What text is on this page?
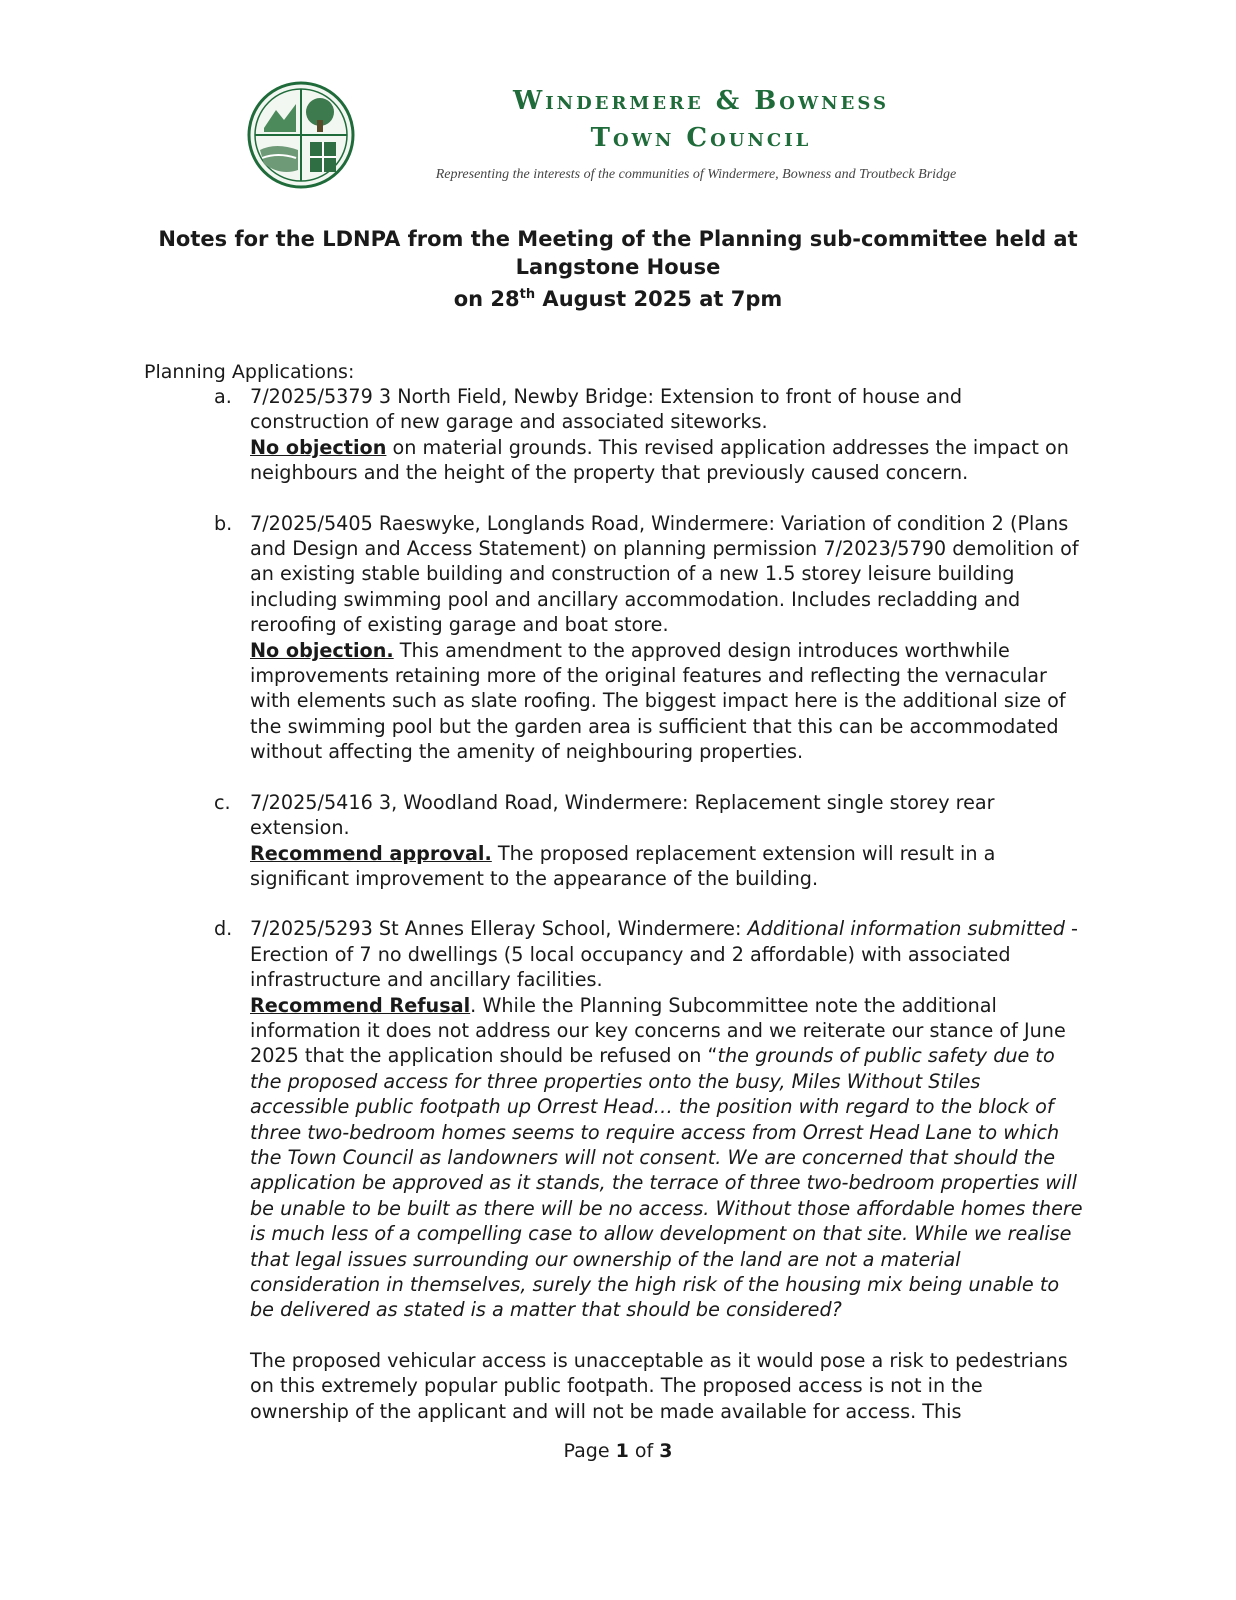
Windermere & Bowness
Town Council
Representing the interests of the communities of Windermere, Bowness and Troutbeck Bridge
Notes for the LDNPA from the Meeting of the Planning sub-committee held at
Langstone House
on 28th August 2025 at 7pm
Planning Applications:
a. 7/2025/5379 3 North Field, Newby Bridge: Extension to front of house and construction of new garage and associated siteworks.
No objection on material grounds. This revised application addresses the impact on neighbours and the height of the property that previously caused concern.
b. 7/2025/5405 Raeswyke, Longlands Road, Windermere: Variation of condition 2 (Plans and Design and Access Statement) on planning permission 7/2023/5790 demolition of an existing stable building and construction of a new 1.5 storey leisure building including swimming pool and ancillary accommodation. Includes recladding and reroofing of existing garage and boat store.
No objection. This amendment to the approved design introduces worthwhile improvements retaining more of the original features and reflecting the vernacular with elements such as slate roofing. The biggest impact here is the additional size of the swimming pool but the garden area is sufficient that this can be accommodated without affecting the amenity of neighbouring properties.
c. 7/2025/5416 3, Woodland Road, Windermere: Replacement single storey rear extension.
Recommend approval. The proposed replacement extension will result in a significant improvement to the appearance of the building.
d. 7/2025/5293 St Annes Elleray School, Windermere: Additional information submitted - Erection of 7 no dwellings (5 local occupancy and 2 affordable) with associated infrastructure and ancillary facilities.
Recommend Refusal. While the Planning Subcommittee note the additional information it does not address our key concerns and we reiterate our stance of June 2025 that the application should be refused on “the grounds of public safety due to the proposed access for three properties onto the busy, Miles Without Stiles accessible public footpath up Orrest Head… the position with regard to the block of three two-bedroom homes seems to require access from Orrest Head Lane to which the Town Council as landowners will not consent. We are concerned that should the application be approved as it stands, the terrace of three two-bedroom properties will be unable to be built as there will be no access. Without those affordable homes there is much less of a compelling case to allow development on that site. While we realise that legal issues surrounding our ownership of the land are not a material consideration in themselves, surely the high risk of the housing mix being unable to be delivered as stated is a matter that should be considered?
The proposed vehicular access is unacceptable as it would pose a risk to pedestrians on this extremely popular public footpath. The proposed access is not in the ownership of the applicant and will not be made available for access. This
Page 1 of 3
